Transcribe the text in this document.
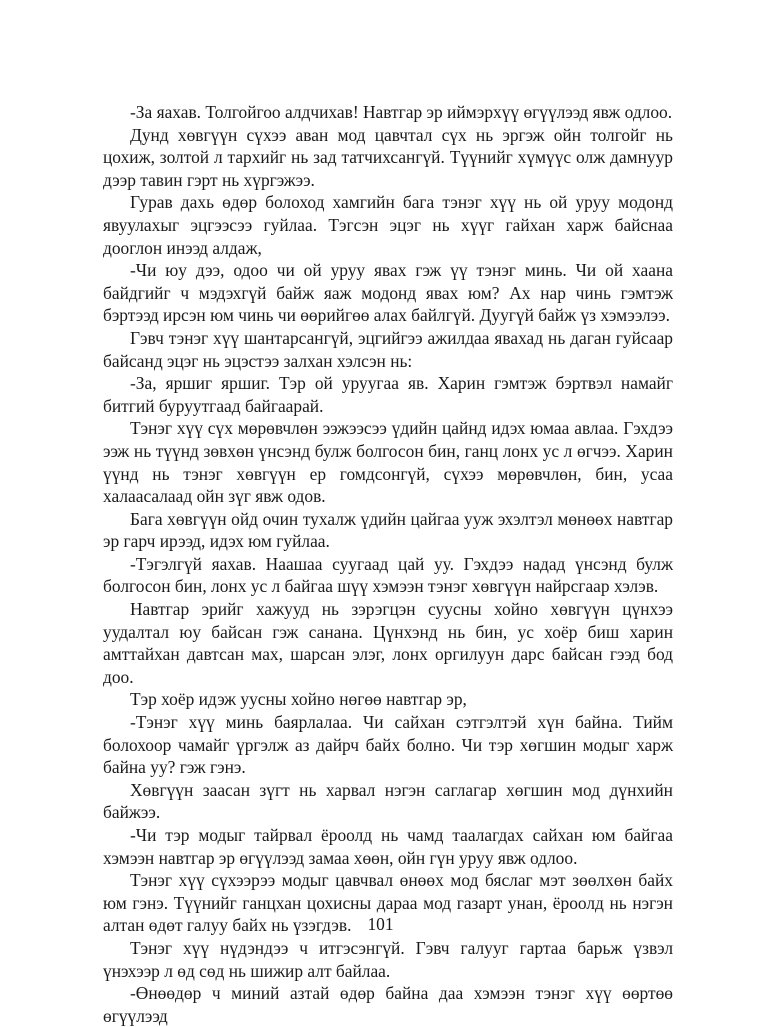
-За яахав. Толгойгоо алдчихав! Навтгар эр иймэрхүү өгүүлээд явж одлоо.

Дунд хөвгүүн сүхээ аван мод цавчтал сүх нь эргэж ойн толгойг нь цохиж, золтой л тархийг нь зад татчихсангүй. Түүнийг хүмүүс олж дамнуур дээр тавин гэрт нь хүргэжээ.

Гурав дахь өдөр болоход хамгийн бага тэнэг хүү нь ой уруу модонд явуулахыг эцгээсээ гуйлаа. Тэгсэн эцэг нь хүүг гайхан харж байснаа дооглон инээд алдаж,

-Чи юу дээ, одоо чи ой уруу явах гэж үү тэнэг минь. Чи ой хаана байдгийг ч мэдэхгүй байж яаж модонд явах юм? Ах нар чинь гэмтэж бэртээд ирсэн юм чинь чи өөрийгөө алах байлгүй. Дуугүй байж үз хэмээлээ.

Гэвч тэнэг хүү шантарсангүй, эцгийгээ ажилдаа явахад нь даган гуйсаар байсанд эцэг нь эцэстээ залхан хэлсэн нь:

-За, яршиг яршиг. Тэр ой уруугаа яв. Харин гэмтэж бэртвэл намайг битгий буруутгаад байгаарай.

Тэнэг хүү сүх мөрөвчлөн ээжээсээ үдийн цайнд идэх юмаа авлаа. Гэхдээ ээж нь түүнд зөвхөн үнсэнд булж болгосон бин, ганц лонх ус л өгчээ. Харин үүнд нь тэнэг хөвгүүн ер гомдсонгүй, сүхээ мөрөвчлөн, бин, усаа халаасалаад ойн зүг явж одов.

Бага хөвгүүн ойд очин тухалж үдийн цайгаа ууж эхэлтэл мөнөөх навтгар эр гарч ирээд, идэх юм гуйлаа.

-Тэгэлгүй яахав. Наашаа суугаад цай уу. Гэхдээ надад үнсэнд булж болгосон бин, лонх ус л байгаа шүү хэмээн тэнэг хөвгүүн найрсгаар хэлэв.

Навтгар эрийг хажууд нь зэрэгцэн суусны хойно хөвгүүн цүнхээ уудалтал юу байсан гэж санана. Цүнхэнд нь бин, ус хоёр биш харин амттайхан давтсан мах, шарсан элэг, лонх оргилуун дарс байсан гээд бод доо.

Тэр хоёр идэж уусны хойно нөгөө навтгар эр,

-Тэнэг хүү минь баярлалаа. Чи сайхан сэтгэлтэй хүн байна. Тийм болохоор чамайг үргэлж аз дайрч байх болно. Чи тэр хөгшин модыг харж байна уу? гэж гэнэ.

Хөвгүүн заасан зүгт нь харвал нэгэн саглагар хөгшин мод дүнхийн байжээ.

-Чи тэр модыг тайрвал ёроолд нь чамд таалагдах сайхан юм байгаа хэмээн навтгар эр өгүүлээд замаа хөөн, ойн гүн уруу явж одлоо.

Тэнэг хүү сүхээрээ модыг цавчвал өнөөх мод бяслаг мэт зөөлхөн байх юм гэнэ. Түүнийг ганцхан цохисны дараа мод газарт унан, ёроолд нь нэгэн алтан өдөт галуу байх нь үзэгдэв.

Тэнэг хүү нүдэндээ ч итгэсэнгүй. Гэвч галууг гартаа барьж үзвэл үнэхээр л өд сөд нь шижир алт байлаа.

-Өнөөдөр ч миний азтай өдөр байна даа хэмээн тэнэг хүү өөртөө өгүүлээд

101
